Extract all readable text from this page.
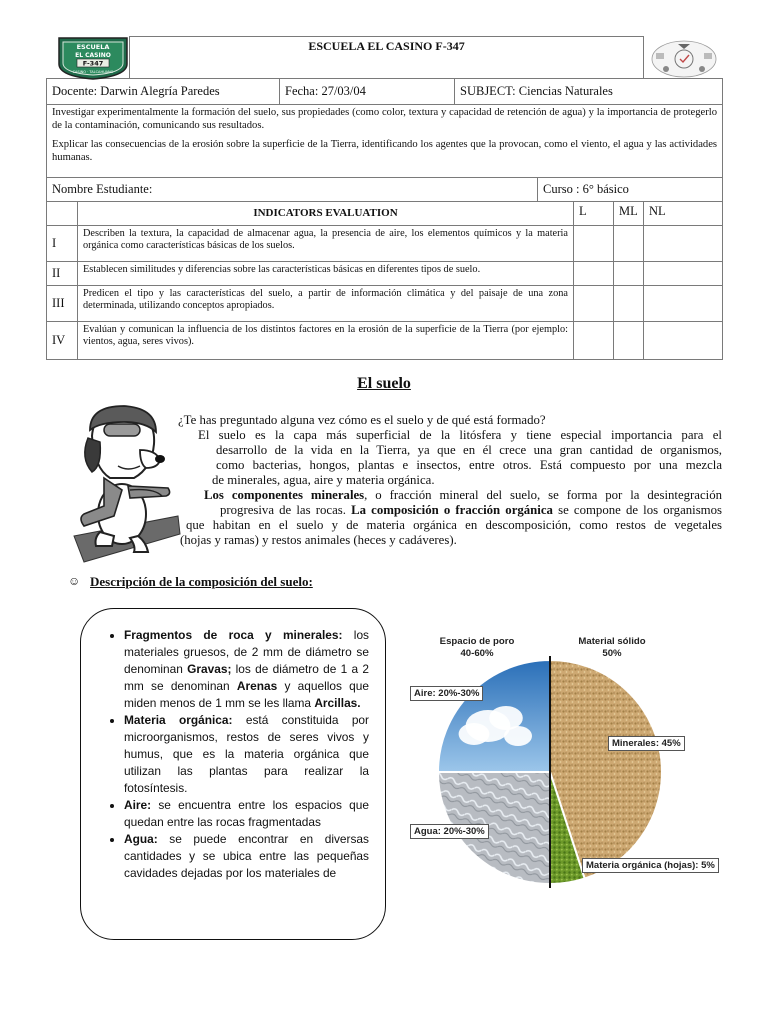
ESCUELA
EL CASINO
F-347
CASINO · TALCAHUANO		ESCUELA EL CASINO F-347	

Docente: Darwin Alegría Paredes			Fecha: 27/03/04	SUBJECT: Ciencias Naturales				

Investigar experimentalmente la formación del suelo, sus propiedades (como color, textura y capacidad de retención de agua) y la importancia de protegerlo de la contaminación, comunicando sus resultados.

Explicar las consecuencias de la erosión sobre la superficie de la Tierra, identificando los agentes que la provocan, como el viento, el agua y las actividades humanas.								

Nombre Estudiante:					Curso : 6° básico			
	INDICATORS EVALUATION					L	ML	NL
I	Describen la textura, la capacidad de almacenar agua, la presencia de aire, los elementos químicos y la materia orgánica como características básicas de los suelos.							
II	Establecen similitudes y diferencias sobre las características básicas en diferentes tipos de suelo.							
III	Predicen el tipo y las características del suelo, a partir de información climática y del paisaje de una zona determinada, utilizando conceptos apropiados.							
IV	Evalúan y comunican la influencia de los distintos factores en la erosión de la superficie de la Tierra (por ejemplo: vientos, agua, seres vivos).							
El suelo
¿Te has preguntado alguna vez cómo es el suelo y de qué está formado?
El suelo es la capa más superficial de la litósfera y tiene especial importancia para el
desarrollo de la vida en la Tierra, ya que en él crece una gran cantidad de organismos,
como bacterias, hongos, plantas e insectos, entre otros. Está compuesto por una mezcla
de minerales, agua, aire y materia orgánica.
Los componentes minerales, o fracción mineral del suelo, se forma por la desintegración
progresiva de las rocas. La composición o fracción orgánica se compone de los organismos
que habitan en el suelo y de materia orgánica en descomposición, como restos de vegetales
(hojas y ramas) y restos animales (heces y cadáveres).
☺ Descripción de la composición del suelo:
• Fragmentos de roca y minerales: los materiales gruesos, de 2 mm de diámetro se denominan Gravas; los de diámetro de 1 a 2 mm se denominan Arenas y aquellos que miden menos de 1 mm se les llama Arcillas.
• Materia orgánica: está constituida por microorganismos, restos de seres vivos y humus, que es la materia orgánica que utilizan las plantas para realizar la fotosíntesis.
• Aire: se encuentra entre los espacios que quedan entre las rocas fragmentadas
• Agua: se puede encontrar en diversas cantidades y se ubica entre las pequeñas cavidades dejadas por los materiales de
Espacio de poro
40-60%
Material sólido
50%
Aire: 20%-30%
Agua: 20%-30%
Minerales: 45%
Materia orgánica (hojas): 5%
